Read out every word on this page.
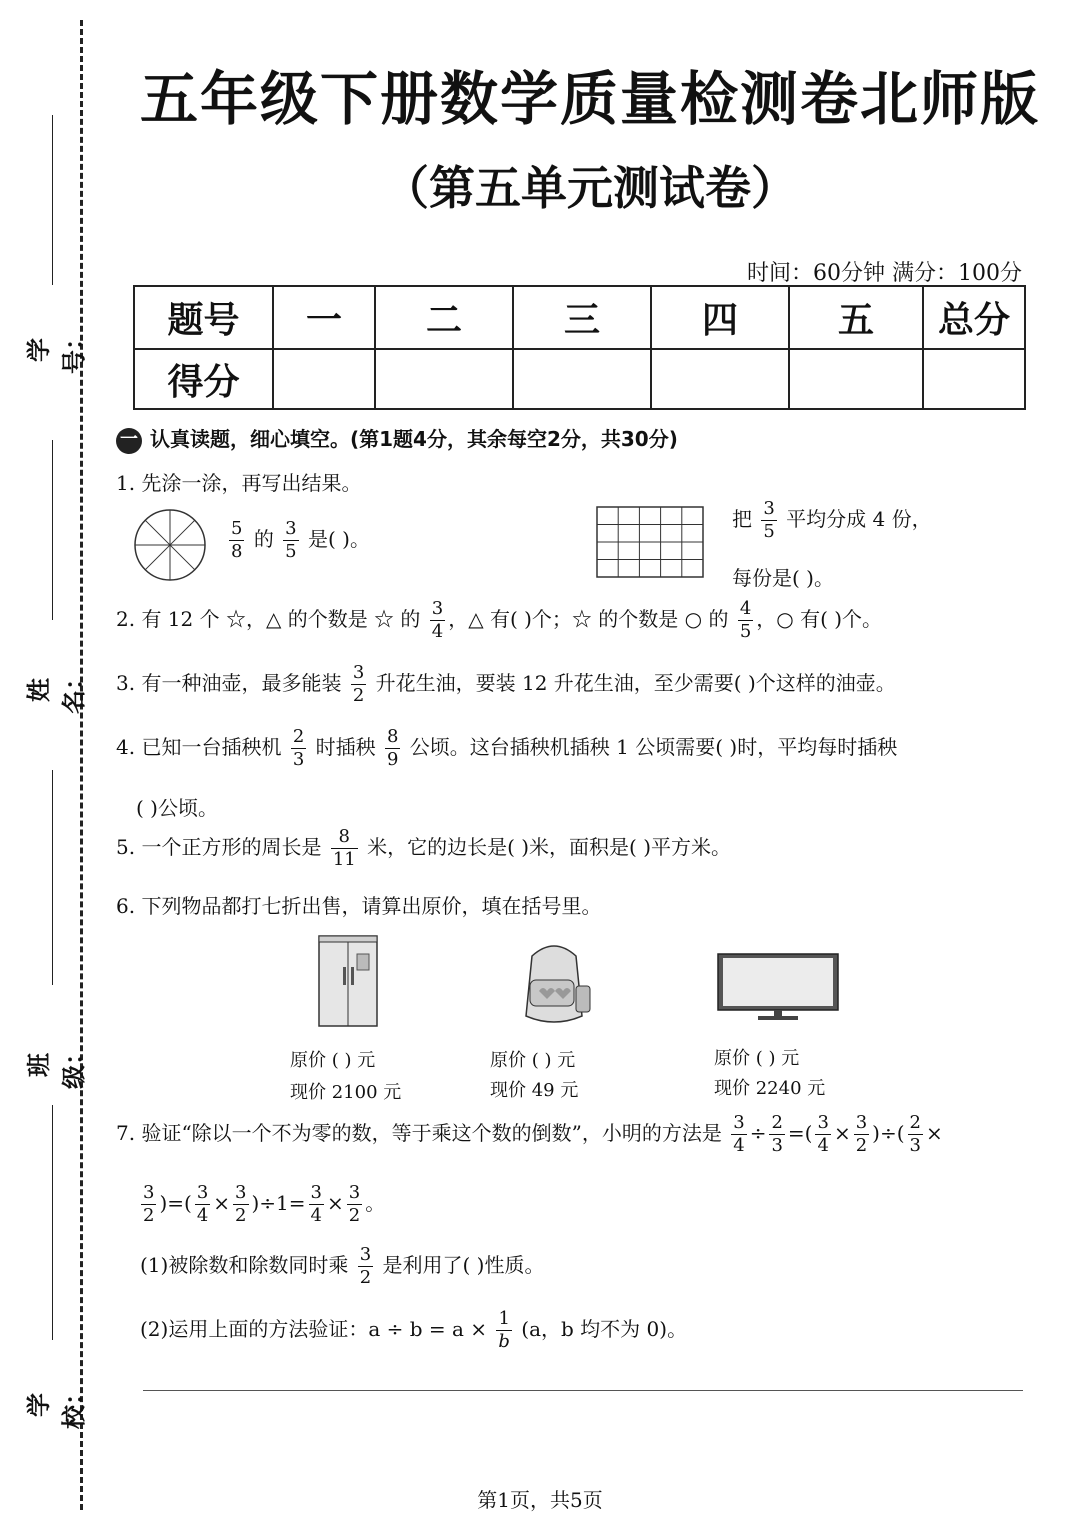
学号：
姓名：
班级：
学校：
五年级下册数学质量检测卷北师版
（第五单元测试卷）
时间：60分钟 满分：100分
题号	一	二	三	四	五	总分
得分						
一 认真读题，细心填空。(第1题4分，其余每空2分，共30分)
1. 先涂一涂，再写出结果。
$\frac{5}{8}$ 的 $\frac{3}{5}$ 是( )。
把 $\frac{3}{5}$ 平均分成 4 份，
每份是( )。
2. 有 12 个 ☆，△ 的个数是 ☆ 的 $\frac{3}{4}$ ，△ 有( )个；☆ 的个数是 ○ 的 $\frac{4}{5}$ ，○ 有( )个。
3. 有一种油壶，最多能装 $\frac{3}{2}$ 升花生油，要装 12 升花生油，至少需要( )个这样的油壶。
4. 已知一台插秧机 $\frac{2}{3}$ 时插秧 $\frac{8}{9}$ 公顷。这台插秧机插秧 1 公顷需要( )时，平均每时插秧
( )公顷。
5. 一个正方形的周长是 $\frac{8}{11}$ 米，它的边长是( )米，面积是( )平方米。
6. 下列物品都打七折出售，请算出原价，填在括号里。
原价 ( ) 元
现价 2100 元
原价 ( ) 元
现价 49 元
原价 ( ) 元
现价 2240 元
7. 验证“除以一个不为零的数，等于乘这个数的倒数”，小明的方法是 $\frac{3}{4} \div \frac{2}{3}$ =( $\frac{3}{4} \times \frac{3}{2}$ )÷( $\frac{2}{3}$ ×
$\frac{3}{2}$ )=( $\frac{3}{4} \times \frac{3}{2} )\div 1= \frac{3}{4} \times \frac{3}{2}$ 。
(1)被除数和除数同时乘 $\frac{3}{2}$ 是利用了( )性质。
(2)运用上面的方法验证：$a \div b = a \times \frac{1}{b} (a$，b 均不为 0)。
第1页，共5页
